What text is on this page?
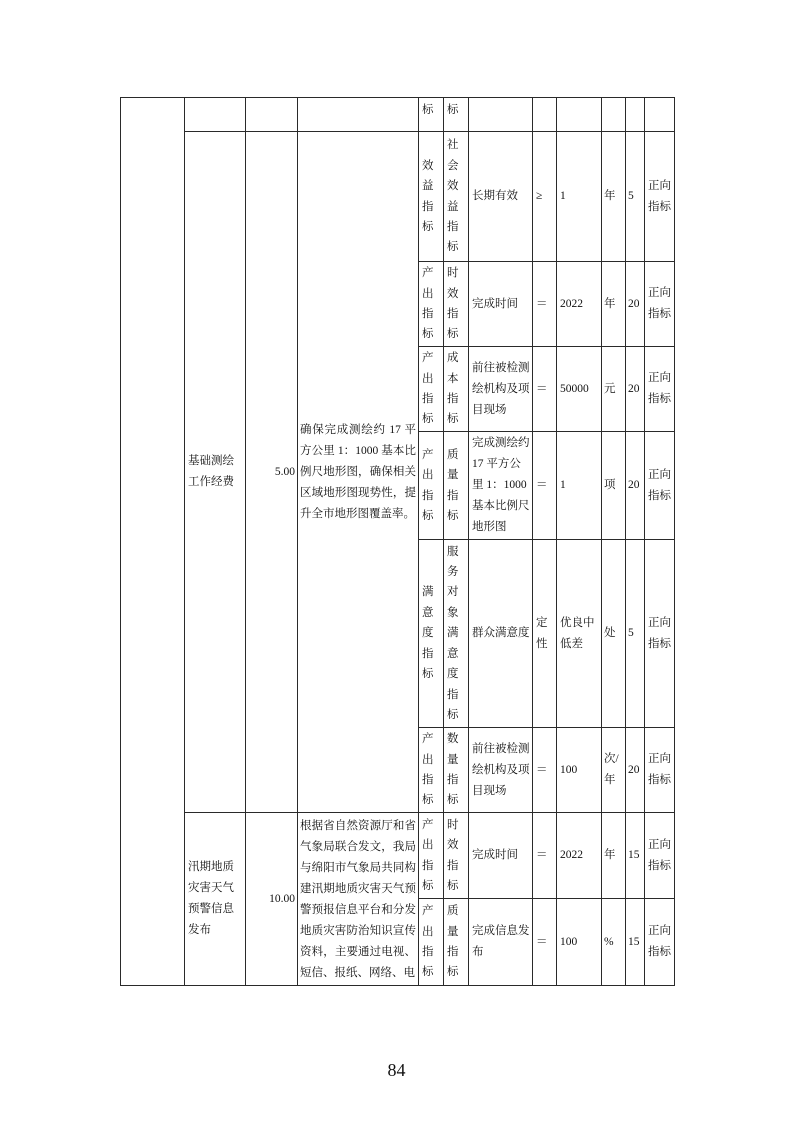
				标	标						
	基础测绘工作经费	5.00	确保完成测绘约 17 平方公里 1：1000 基本比例尺地形图，确保相关区域地形图现势性，提升全市地形图覆盖率。	效益指标	社会效益指标	长期有效	≥	1	年	5	正向指标
				产出指标	时效指标	完成时间	＝	2022	年	20	正向指标
				产出指标	成本指标	前往被检测绘机构及项目现场	＝	50000	元	20	正向指标
				产出指标	质量指标	完成测绘约 17 平方公里 1：1000 基本比例尺地形图	＝	1	项	20	正向指标
				满意度指标	服务对象满意度指标	群众满意度	定性	优良中低差	处	5	正向指标
				产出指标	数量指标	前往被检测绘机构及项目现场	＝	100	次/年	20	正向指标
	汛期地质灾害天气预警信息发布	10.00	根据省自然资源厅和省气象局联合发文，我局与绵阳市气象局共同构建汛期地质灾害天气预警预报信息平台和分发地质灾害防治知识宣传资料，主要通过电视、短信、报纸、网络、电	产出指标	时效指标	完成时间	＝	2022	年	15	正向指标
				产出指标	质量指标	完成信息发布	＝	100	%	15	正向指标
84
